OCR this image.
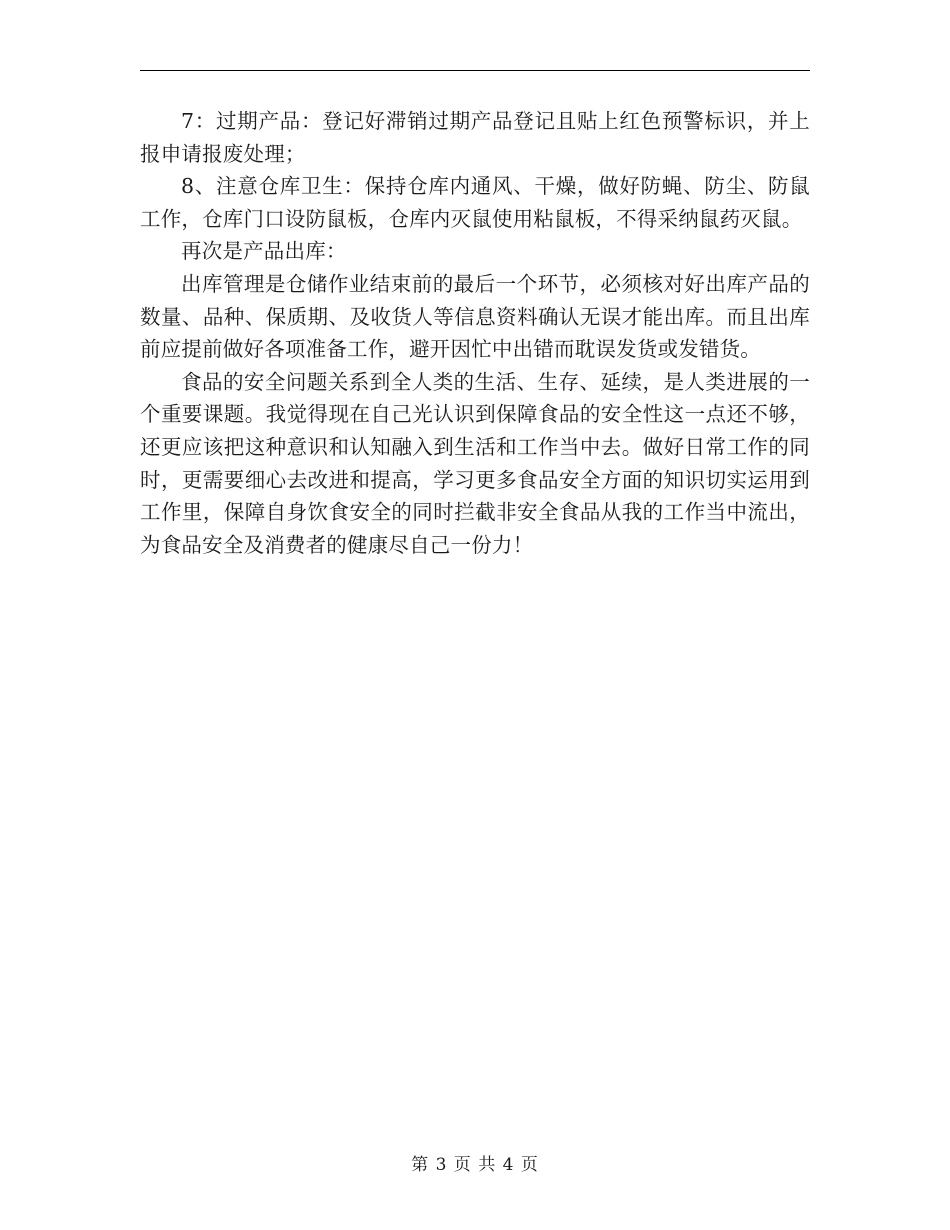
7：过期产品：登记好滞销过期产品登记且贴上红色预警标识，并上报申请报废处理；

8、注意仓库卫生：保持仓库内通风、干燥，做好防蝇、防尘、防鼠工作，仓库门口设防鼠板，仓库内灭鼠使用粘鼠板，不得采纳鼠药灭鼠。

再次是产品出库：

出库管理是仓储作业结束前的最后一个环节，必须核对好出库产品的数量、品种、保质期、及收货人等信息资料确认无误才能出库。而且出库前应提前做好各项准备工作，避开因忙中出错而耽误发货或发错货。

食品的安全问题关系到全人类的生活、生存、延续，是人类进展的一个重要课题。我觉得现在自己光认识到保障食品的安全性这一点还不够，还更应该把这种意识和认知融入到生活和工作当中去。做好日常工作的同时，更需要细心去改进和提高，学习更多食品安全方面的知识切实运用到工作里，保障自身饮食安全的同时拦截非安全食品从我的工作当中流出，为食品安全及消费者的健康尽自己一份力！

第 3 页 共 4 页
